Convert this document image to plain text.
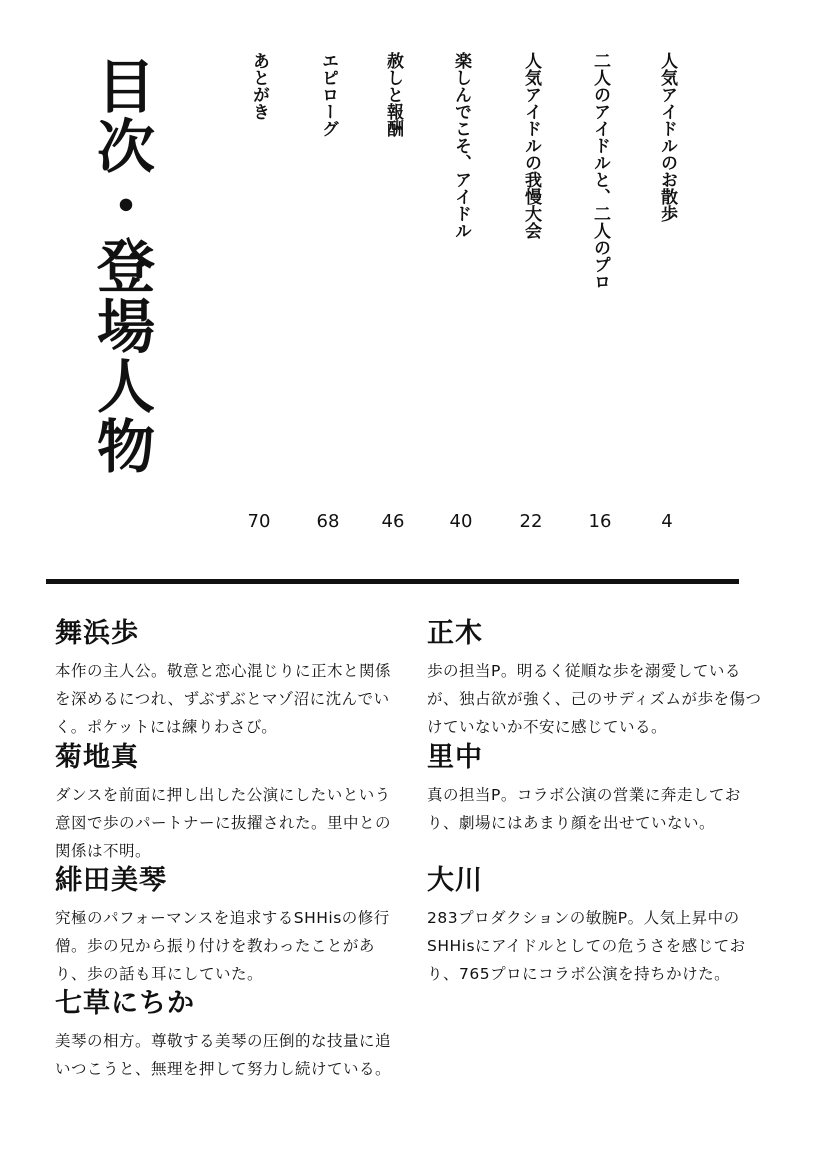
目次・登場人物	人気アイドルのお散歩
4
二人のアイドルと、二人のプロ
16
人気アイドルの我慢大会
22
楽しんでこそ、アイドル
40
赦しと報酬
46
エピローグ
68
あとがき
70
舞浜歩

本作の主人公。敬意と恋心混じりに正木と関係を深めるにつれ、ずぶずぶとマゾ沼に沈んでいく。ポケットには練りわさび。

菊地真

ダンスを前面に押し出した公演にしたいという意図で歩のパートナーに抜擢された。里中との関係は不明。

緋田美琴

究極のパフォーマンスを追求するSHHisの修行僧。歩の兄から振り付けを教わったことがあり、歩の話も耳にしていた。

七草にちか

美琴の相方。尊敬する美琴の圧倒的な技量に追いつこうと、無理を押して努力し続けている。

正木

歩の担当P。明るく従順な歩を溺愛しているが、独占欲が強く、己のサディズムが歩を傷つけていないか不安に感じている。

里中

真の担当P。コラボ公演の営業に奔走しており、劇場にはあまり顔を出せていない。

大川

283プロダクションの敏腕P。人気上昇中のSHHisにアイドルとしての危うさを感じており、765プロにコラボ公演を持ちかけた。
